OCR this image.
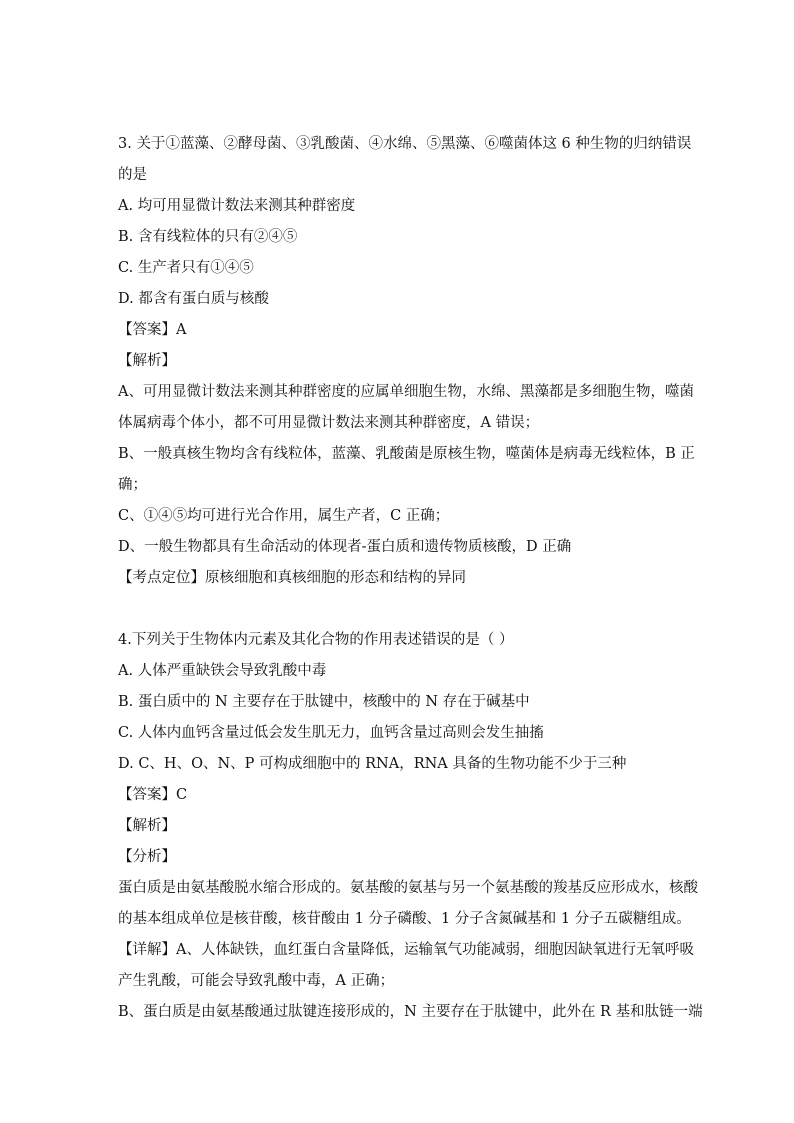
3. 关于①蓝藻、②酵母菌、③乳酸菌、④水绵、⑤黑藻、⑥噬菌体这 6 种生物的归纳错误
的是
A. 均可用显微计数法来测其种群密度
B. 含有线粒体的只有②④⑤
C. 生产者只有①④⑤
D. 都含有蛋白质与核酸
【答案】A
【解析】
A、可用显微计数法来测其种群密度的应属单细胞生物，水绵、黑藻都是多细胞生物，噬菌
体属病毒个体小，都不可用显微计数法来测其种群密度，A 错误；
B、一般真核生物均含有线粒体，蓝藻、乳酸菌是原核生物，噬菌体是病毒无线粒体，B 正
确；
C、①④⑤均可进行光合作用，属生产者，C 正确；
D、一般生物都具有生命活动的体现者-蛋白质和遗传物质核酸，D 正确
【考点定位】原核细胞和真核细胞的形态和结构的异同
4.下列关于生物体内元素及其化合物的作用表述错误的是（ ）
A. 人体严重缺铁会导致乳酸中毒
B. 蛋白质中的 N 主要存在于肽键中，核酸中的 N 存在于碱基中
C. 人体内血钙含量过低会发生肌无力，血钙含量过高则会发生抽搐
D. C、H、O、N、P 可构成细胞中的 RNA，RNA 具备的生物功能不少于三种
【答案】C
【解析】
【分析】
蛋白质是由氨基酸脱水缩合形成的。氨基酸的氨基与另一个氨基酸的羧基反应形成水，核酸
的基本组成单位是核苷酸，核苷酸由 1 分子磷酸、1 分子含氮碱基和 1 分子五碳糖组成。
【详解】A、人体缺铁，血红蛋白含量降低，运输氧气功能减弱，细胞因缺氧进行无氧呼吸
产生乳酸，可能会导致乳酸中毒，A 正确；
B、蛋白质是由氨基酸通过肽键连接形成的，N 主要存在于肽键中，此外在 R 基和肽链一端
